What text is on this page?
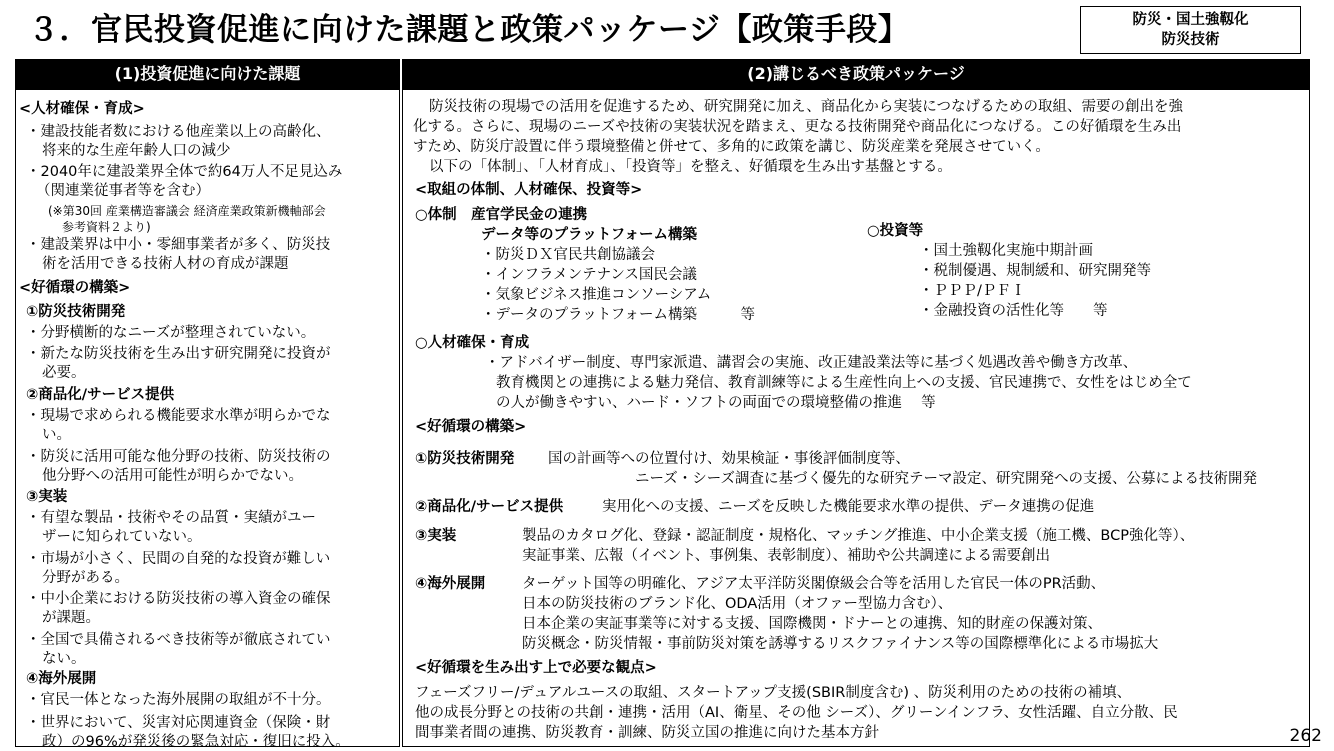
３．官民投資促進に向けた課題と政策パッケージ【政策手段】	防災・国土強靱化
防災技術
(1)投資促進に向けた課題
<人材確保・育成>
・建設技能者数における他産業以上の高齢化、
将来的な生産年齢人口の減少
・2040年に建設業界全体で約64万人不足見込み
（関連業従事者等を含む）
(※第30回 産業構造審議会 経済産業政策新機軸部会
参考資料２より)
・建設業界は中小・零細事業者が多く、防災技
術を活用できる技術人材の育成が課題
<好循環の構築>
①防災技術開発
・分野横断的なニーズが整理されていない。
・新たな防災技術を生み出す研究開発に投資が
必要。
②商品化/サービス提供
・現場で求められる機能要求水準が明らかでな
い。
・防災に活用可能な他分野の技術、防災技術の
他分野への活用可能性が明らかでない。
③実装
・有望な製品・技術やその品質・実績がユー
ザーに知られていない。
・市場が小さく、民間の自発的な投資が難しい
分野がある。
・中小企業における防災技術の導入資金の確保
が課題。
・全国で具備されるべき技術等が徹底されてい
ない。
④海外展開
・官民一体となった海外展開の取組が不十分。
・世界において、災害対応関連資金（保険・財
政）の96%が発災後の緊急対応・復旧に投入。
(2)講じるべき政策パッケージ
防災技術の現場での活用を促進するため、研究開発に加え、商品化から実装につなげるための取組、需要の創出を強
化する。さらに、現場のニーズや技術の実装状況を踏まえ、更なる技術開発や商品化につなげる。この好循環を生み出
すため、防災庁設置に伴う環境整備と併せて、多角的に政策を講じ、防災産業を発展させていく。
以下の「体制」、「人材育成」、「投資等」を整え、好循環を生み出す基盤とする。
<取組の体制、人材確保、投資等>
○体制　産官学民金の連携
データ等のプラットフォーム構築
・防災ＤＸ官民共創協議会
・インフラメンテナンス国民会議
・気象ビジネス推進コンソーシアム
・データのプラットフォーム構築　　　等
○投資等
・国土強靱化実施中期計画
・税制優遇、規制緩和、研究開発等
・ＰＰＰ/ＰＦＩ
・金融投資の活性化等　　等
○人材確保・育成
・アドバイザー制度、専門家派遣、講習会の実施、改正建設業法等に基づく処遇改善や働き方改革、
教育機関との連携による魅力発信、教育訓練等による生産性向上への支援、官民連携で、女性をはじめ全て
の人が働きやすい、ハード・ソフトの両面での環境整備の推進　 等
<好循環の構築>
①防災技術開発 国の計画等への位置付け、効果検証・事後評価制度等、
ニーズ・シーズ調査に基づく優先的な研究テーマ設定、研究開発への支援、公募による技術開発
②商品化/サービス提供	実用化への支援、ニーズを反映した機能要求水準の提供、データ連携の促進
③実装	製品のカタログ化、登録・認証制度・規格化、マッチング推進、中小企業支援（施工機、BCP強化等）、
実証事業、広報（イベント、事例集、表彰制度）、補助や公共調達による需要創出
④海外展開	ターゲット国等の明確化、アジア太平洋防災閣僚級会合等を活用した官民一体のPR活動、
日本の防災技術のブランド化、ODA活用（オファー型協力含む）、
日本企業の実証事業等に対する支援、国際機関・ドナーとの連携、知的財産の保護対策、
防災概念・防災情報・事前防災対策を誘導するリスクファイナンス等の国際標準化による市場拡大
<好循環を生み出す上で必要な観点>
フェーズフリー/デュアルユースの取組、スタートアップ支援(SBIR制度含む) 、防災利用のための技術の補填、
他の成長分野との技術の共創・連携・活用（AI、衛星、その他 シーズ）、グリーンインフラ、女性活躍、自立分散、民
間事業者間の連携、防災教育・訓練、防災立国の推進に向けた基本方針	262
